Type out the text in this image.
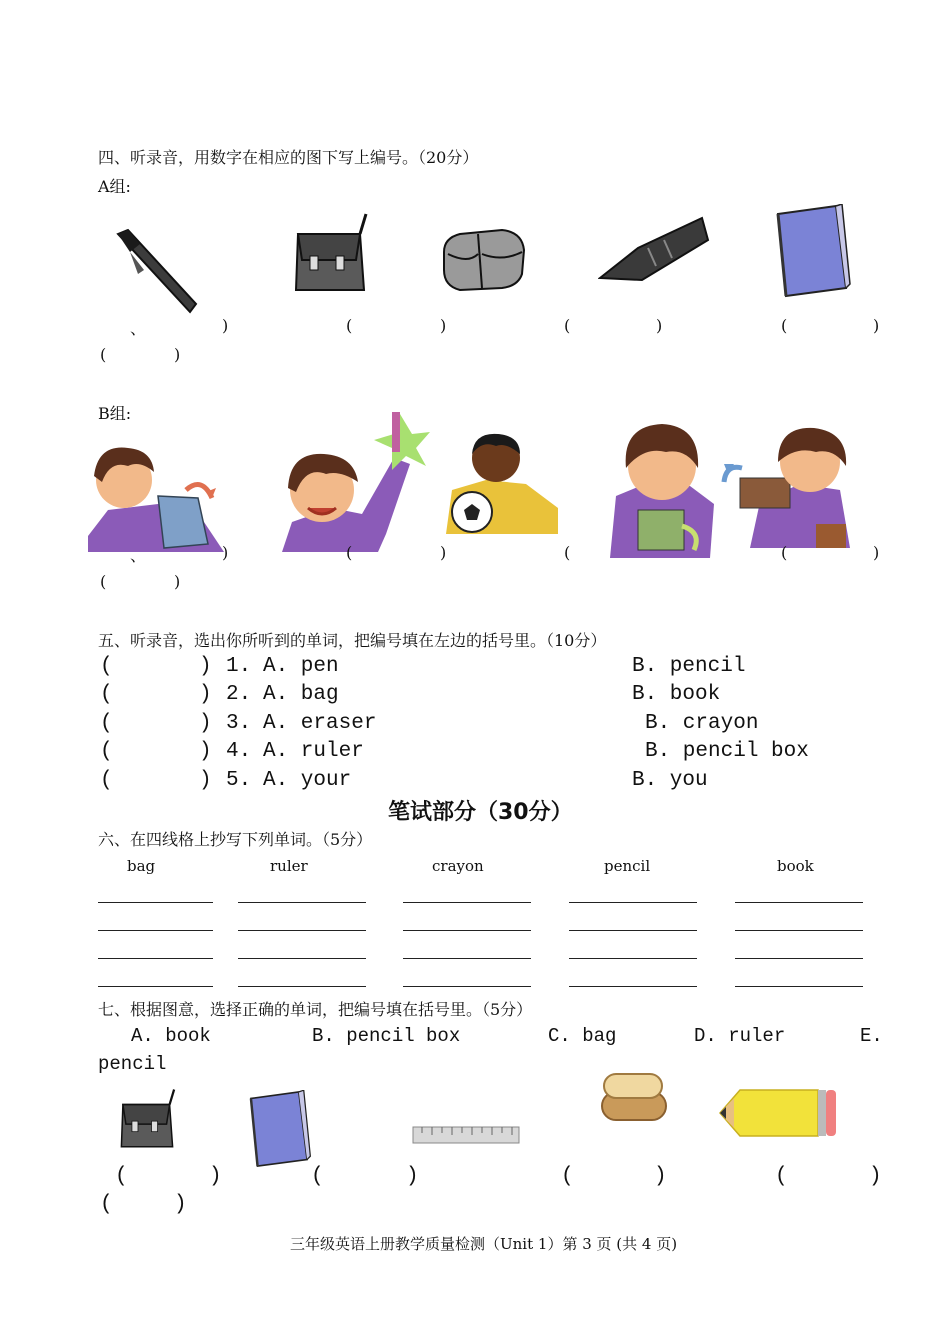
四、听录音，用数字在相应的图下写上编号。（20分）
A组:
、	)	(	)	(	)	(	)
(	)
B组:
、	)	(	)	(	(	)
(	)
五、听录音，选出你所听到的单词，把编号填在左边的括号里。（10分）
(	) 1. A. pen	B. pencil
(	) 2. A. bag	B. book
(	) 3. A. eraser	B. crayon
(	) 4. A. ruler	B. pencil box
(	) 5. A. your	B. you
笔试部分（30分）
六、在四线格上抄写下列单词。（5分）
bag	ruler	crayon	pencil	book
七、根据图意，选择正确的单词，把编号填在括号里。（5分）
A. book	B. pencil box	C. bag	D. ruler	E.
pencil
(	)	(	)	(	)	(	)
(	)
三年级英语上册教学质量检测（Unit 1）第 3 页 (共 4 页)
